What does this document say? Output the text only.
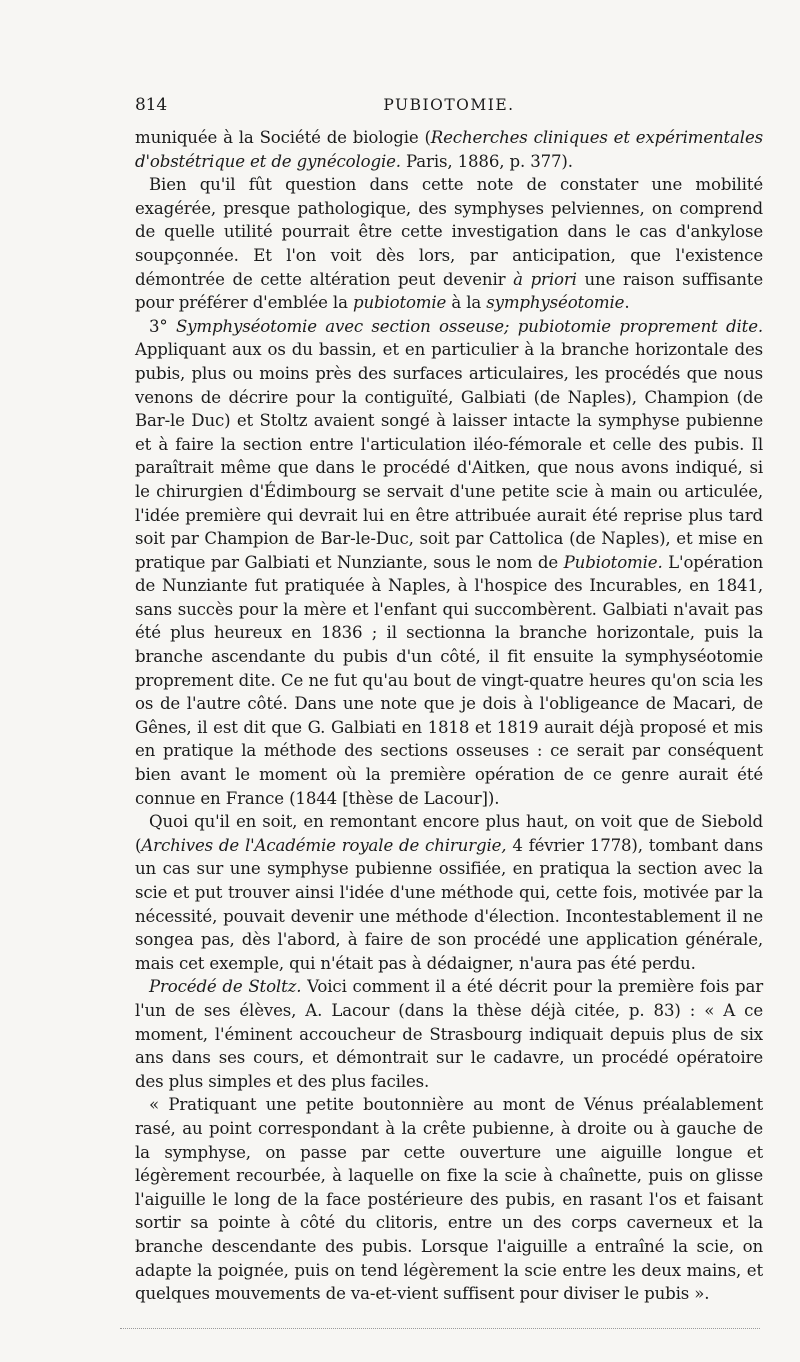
814	PUBIOTOMIE.

muniquée à la Société de biologie (Recherches cliniques et expérimentales d'obstétrique et de gynécologie. Paris, 1886, p. 377).

Bien qu'il fût question dans cette note de constater une mobilité exagérée, presque pathologique, des symphyses pelviennes, on comprend de quelle utilité pourrait être cette investigation dans le cas d'ankylose soupçonnée. Et l'on voit dès lors, par anticipation, que l'existence démontrée de cette altération peut devenir à priori une raison suffisante pour préférer d'emblée la pubiotomie à la symphyséotomie.

3° Symphyséotomie avec section osseuse; pubiotomie proprement dite. Appliquant aux os du bassin, et en particulier à la branche horizontale des pubis, plus ou moins près des surfaces articulaires, les procédés que nous venons de décrire pour la contiguïté, Galbiati (de Naples), Champion (de Bar-le Duc) et Stoltz avaient songé à laisser intacte la symphyse pubienne et à faire la section entre l'articulation iléo-fémorale et celle des pubis. Il paraîtrait même que dans le procédé d'Aitken, que nous avons indiqué, si le chirurgien d'Édimbourg se servait d'une petite scie à main ou articulée, l'idée première qui devrait lui en être attribuée aurait été reprise plus tard soit par Champion de Bar-le-Duc, soit par Cattolica (de Naples), et mise en pratique par Galbiati et Nunziante, sous le nom de Pubiotomie. L'opération de Nunziante fut pratiquée à Naples, à l'hospice des Incurables, en 1841, sans succès pour la mère et l'enfant qui succombèrent. Galbiati n'avait pas été plus heureux en 1836 ; il sectionna la branche horizontale, puis la branche ascendante du pubis d'un côté, il fit ensuite la symphyséotomie proprement dite. Ce ne fut qu'au bout de vingt-quatre heures qu'on scia les os de l'autre côté. Dans une note que je dois à l'obligeance de Macari, de Gênes, il est dit que G. Galbiati en 1818 et 1819 aurait déjà proposé et mis en pratique la méthode des sections osseuses : ce serait par conséquent bien avant le moment où la première opération de ce genre aurait été connue en France (1844 [thèse de Lacour]).

Quoi qu'il en soit, en remontant encore plus haut, on voit que de Siebold (Archives de l'Académie royale de chirurgie, 4 février 1778), tombant dans un cas sur une symphyse pubienne ossifiée, en pratiqua la section avec la scie et put trouver ainsi l'idée d'une méthode qui, cette fois, motivée par la nécessité, pouvait devenir une méthode d'élection. Incontestablement il ne songea pas, dès l'abord, à faire de son procédé une application générale, mais cet exemple, qui n'était pas à dédaigner, n'aura pas été perdu.

Procédé de Stoltz. Voici comment il a été décrit pour la première fois par l'un de ses élèves, A. Lacour (dans la thèse déjà citée, p. 83) : « A ce moment, l'éminent accoucheur de Strasbourg indiquait depuis plus de six ans dans ses cours, et démontrait sur le cadavre, un procédé opératoire des plus simples et des plus faciles.

« Pratiquant une petite boutonnière au mont de Vénus préalablement rasé, au point correspondant à la crête pubienne, à droite ou à gauche de la symphyse, on passe par cette ouverture une aiguille longue et légèrement recourbée, à laquelle on fixe la scie à chaînette, puis on glisse l'aiguille le long de la face postérieure des pubis, en rasant l'os et faisant sortir sa pointe à côté du clitoris, entre un des corps caverneux et la branche descendante des pubis. Lorsque l'aiguille a entraîné la scie, on adapte la poignée, puis on tend légèrement la scie entre les deux mains, et quelques mouvements de va-et-vient suffisent pour diviser le pubis ».
